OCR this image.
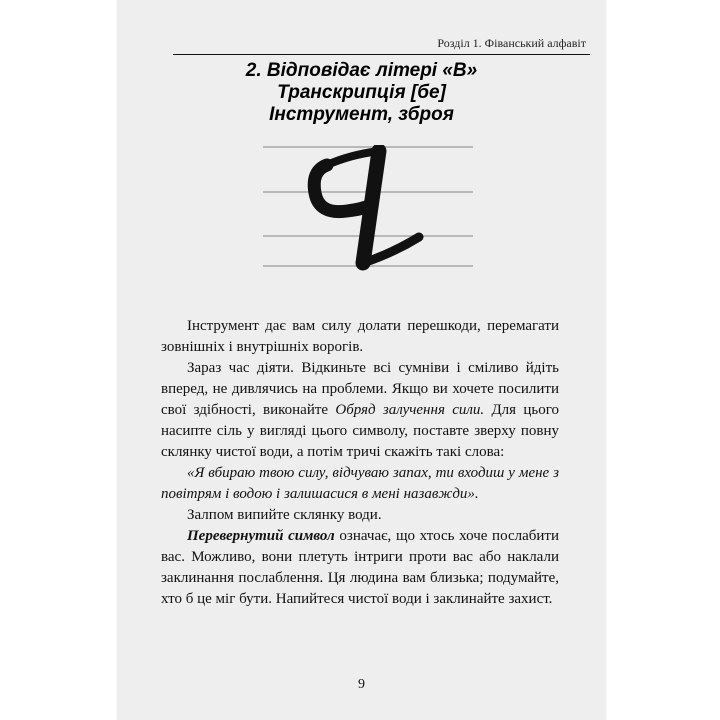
Розділ 1. Фіванський алфавіт
2. Відповідає літері «В»
Транскрипція [бе]
Інструмент, зброя

Інструмент дає вам силу долати перешкоди, перемагати зовнішніх і внутрішніх ворогів.

Зараз час діяти. Відкиньте всі сумніви і сміливо йдіть вперед, не дивлячись на проблеми. Якщо ви хочете посилити свої здібності, виконайте Обряд залучення сили. Для цього насипте сіль у вигляді цього символу, поставте зверху повну склянку чистої води, а потім тричі скажіть такі слова:

«Я вбираю твою силу, відчуваю запах, ти входиш у мене з повітрям і водою і залишасися в мені назавжди».

Залпом випийте склянку води.

Перевернутий символ означає, що хтось хоче послабити вас. Можливо, вони плетуть інтриги проти вас або наклали заклинання послаблення. Ця людина вам близька; подумайте, хто б це міг бути. Напийтеся чистої води і заклинайте захист.

9
